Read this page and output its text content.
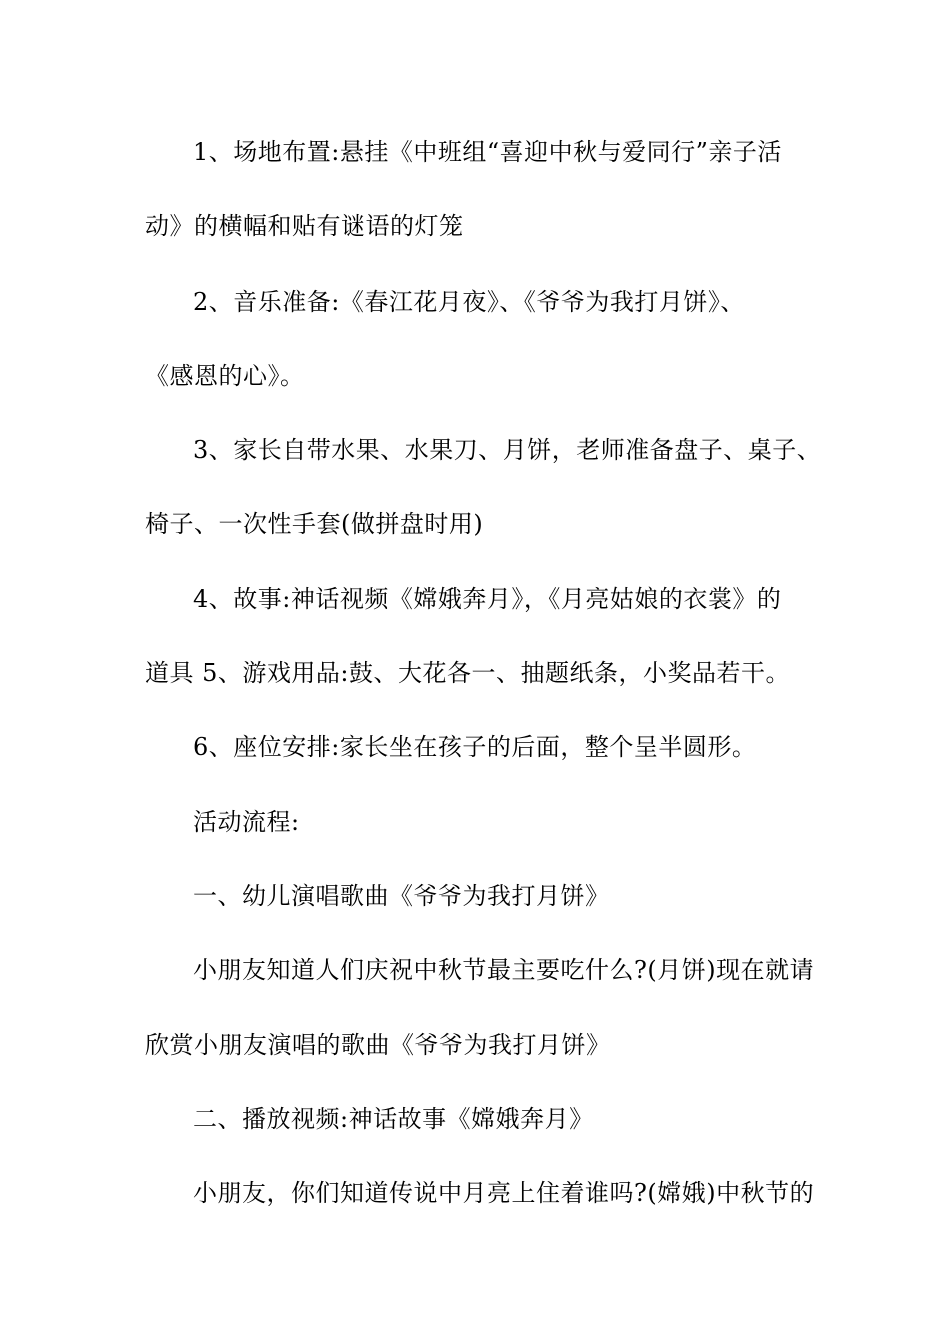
1、场地布置:悬挂《中班组“喜迎中秋与爱同行”亲子活
动》的横幅和贴有谜语的灯笼
2、音乐准备:《春江花月夜》、《爷爷为我打月饼》、
《感恩的心》。
3、家长自带水果、水果刀、月饼，老师准备盘子、桌子、
椅子、一次性手套(做拼盘时用)
4、故事:神话视频《嫦娥奔月》，《月亮姑娘的衣裳》的
道具 5、游戏用品:鼓、大花各一、抽题纸条，小奖品若干。
6、座位安排:家长坐在孩子的后面，整个呈半圆形。
活动流程:
一、幼儿演唱歌曲《爷爷为我打月饼》
小朋友知道人们庆祝中秋节最主要吃什么?(月饼)现在就请
欣赏小朋友演唱的歌曲《爷爷为我打月饼》
二、播放视频:神话故事《嫦娥奔月》
小朋友，你们知道传说中月亮上住着谁吗?(嫦娥)中秋节的
